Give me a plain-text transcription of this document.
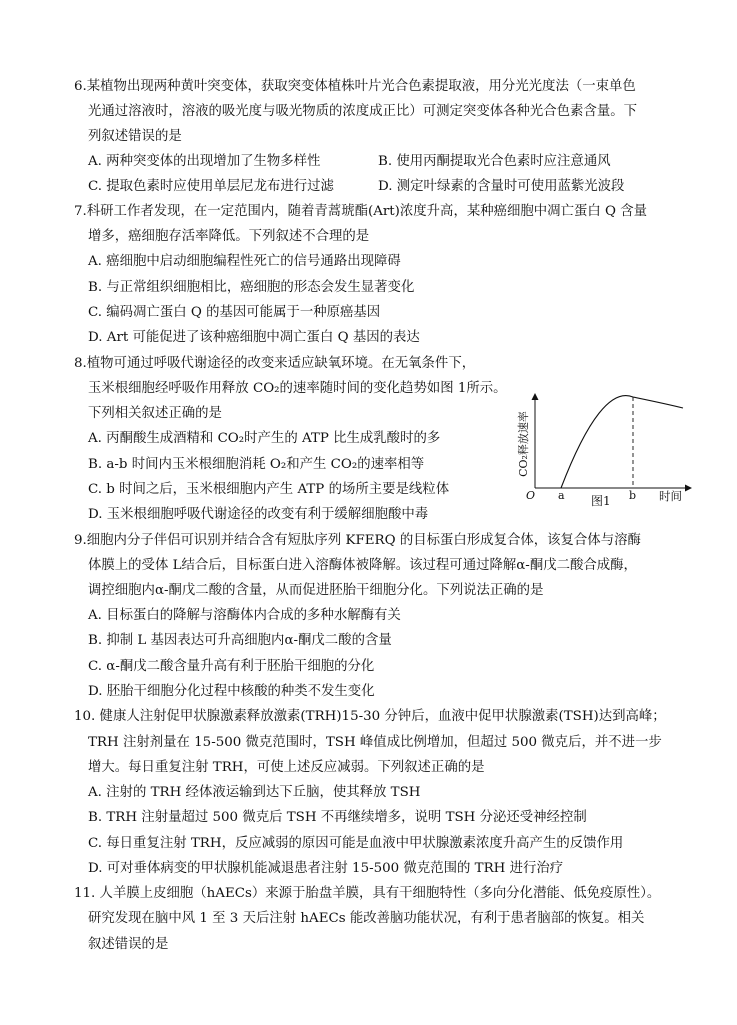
6.某植物出现两种黄叶突变体，获取突变体植株叶片光合色素提取液，用分光光度法（一束单色
光通过溶液时，溶液的吸光度与吸光物质的浓度成正比）可测定突变体各种光合色素含量。下
列叙述错误的是
A. 两种突变体的出现增加了生物多样性	B. 使用丙酮提取光合色素时应注意通风
C. 提取色素时应使用单层尼龙布进行过滤	D. 测定叶绿素的含量时可使用蓝紫光波段
7.科研工作者发现，在一定范围内，随着青蒿琥酯(Art)浓度升高，某种癌细胞中凋亡蛋白 Q 含量
增多，癌细胞存活率降低。下列叙述不合理的是
A. 癌细胞中启动细胞编程性死亡的信号通路出现障碍
B. 与正常组织细胞相比，癌细胞的形态会发生显著变化
C. 编码凋亡蛋白 Q 的基因可能属于一种原癌基因
D. Art 可能促进了该种癌细胞中凋亡蛋白 Q 基因的表达
8.植物可通过呼吸代谢途径的改变来适应缺氧环境。在无氧条件下，
玉米根细胞经呼吸作用释放 CO₂的速率随时间的变化趋势如图 1所示。
下列相关叙述正确的是
A. 丙酮酸生成酒精和 CO₂时产生的 ATP 比生成乳酸时的多
B. a-b 时间内玉米根细胞消耗 O₂和产生 CO₂的速率相等
C. b 时间之后，玉米根细胞内产生 ATP 的场所主要是线粒体
D. 玉米根细胞呼吸代谢途径的改变有利于缓解细胞酸中毒
CO₂释放速率
O a	b 时间
图1
9.细胞内分子伴侣可识别并结合含有短肽序列 KFERQ 的目标蛋白形成复合体，该复合体与溶酶
体膜上的受体 L结合后，目标蛋白进入溶酶体被降解。该过程可通过降解α-酮戊二酸合成酶，
调控细胞内α-酮戊二酸的含量，从而促进胚胎干细胞分化。下列说法正确的是
A. 目标蛋白的降解与溶酶体内合成的多种水解酶有关
B. 抑制 L 基因表达可升高细胞内α-酮戊二酸的含量
C. α-酮戊二酸含量升高有利于胚胎干细胞的分化
D. 胚胎干细胞分化过程中核酸的种类不发生变化
10. 健康人注射促甲状腺激素释放激素(TRH)15-30 分钟后，血液中促甲状腺激素(TSH)达到高峰；
TRH 注射剂量在 15-500 微克范围时，TSH 峰值成比例增加，但超过 500 微克后，并不进一步
增大。每日重复注射 TRH，可使上述反应减弱。下列叙述正确的是
A. 注射的 TRH 经体液运输到达下丘脑，使其释放 TSH
B. TRH 注射量超过 500 微克后 TSH 不再继续增多，说明 TSH 分泌还受神经控制
C. 每日重复注射 TRH，反应减弱的原因可能是血液中甲状腺激素浓度升高产生的反馈作用
D. 可对垂体病变的甲状腺机能减退患者注射 15-500 微克范围的 TRH 进行治疗
11. 人羊膜上皮细胞（hAECs）来源于胎盘羊膜，具有干细胞特性（多向分化潜能、低免疫原性）。
研究发现在脑中风 1 至 3 天后注射 hAECs 能改善脑功能状况，有利于患者脑部的恢复。相关
叙述错误的是
